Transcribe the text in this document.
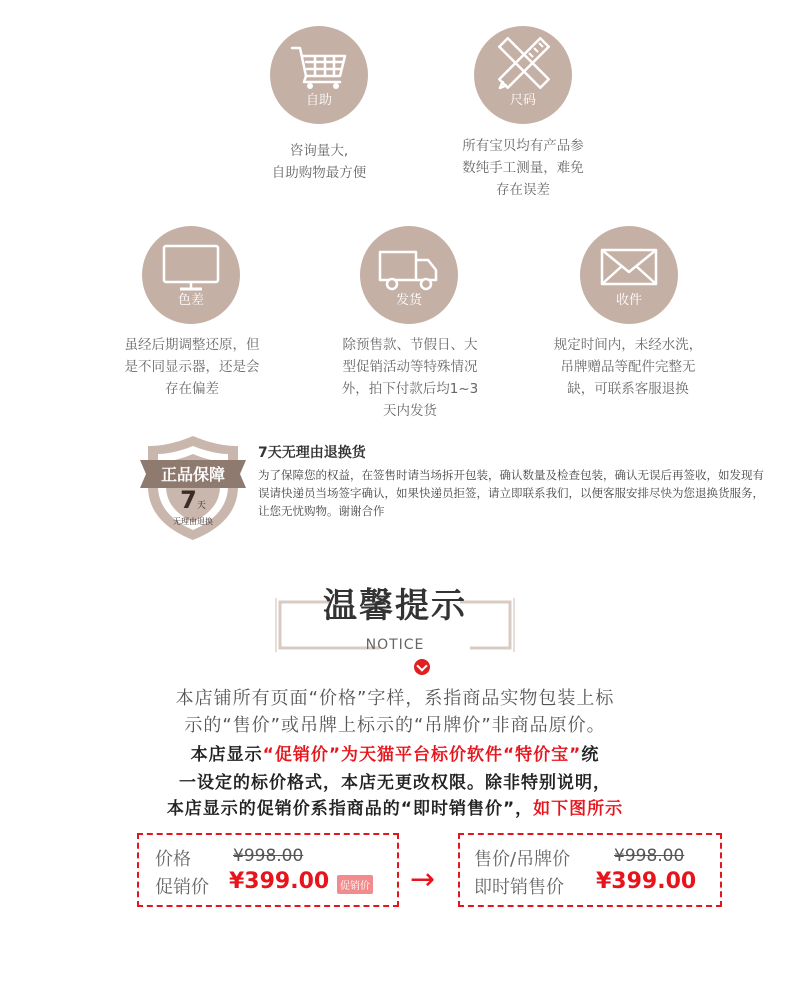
自助
咨询量大,
自助购物最方便
尺码
所有宝贝均有产品参
数纯手工测量，难免
存在误差
色差
虽经后期调整还原，但
是不同显示器，还是会
存在偏差
发货
除预售款、节假日、大
型促销活动等特殊情况
外，拍下付款后均1~3
天内发货
收件
规定时间内，未经水洗，
吊牌赠品等配件完整无
缺，可联系客服退换
正品保障
7天
无理由退换
7天无理由退换货
为了保障您的权益，在签售时请当场拆开包装，确认数量及检查包装，确认无误后再签收，如发现有误请快递员当场签字确认，如果快递员拒签，请立即联系我们，以便客服安排尽快为您退换货服务，让您无忧购物。谢谢合作
温馨提示
NOTICE
本店铺所有页面“价格”字样，系指商品实物包装上标
示的“售价”或吊牌上标示的“吊牌价”非商品原价。
本店显示“促销价”为天猫平台标价软件“特价宝”统
一设定的标价格式，本店无更改权限。除非特别说明，
本店显示的促销价系指商品的“即时销售价”，如下图所示
价格 ¥998.00
促销价 ¥399.00	促销价 →
售价/吊牌价	¥998.00
即时销售价 ¥399.00
